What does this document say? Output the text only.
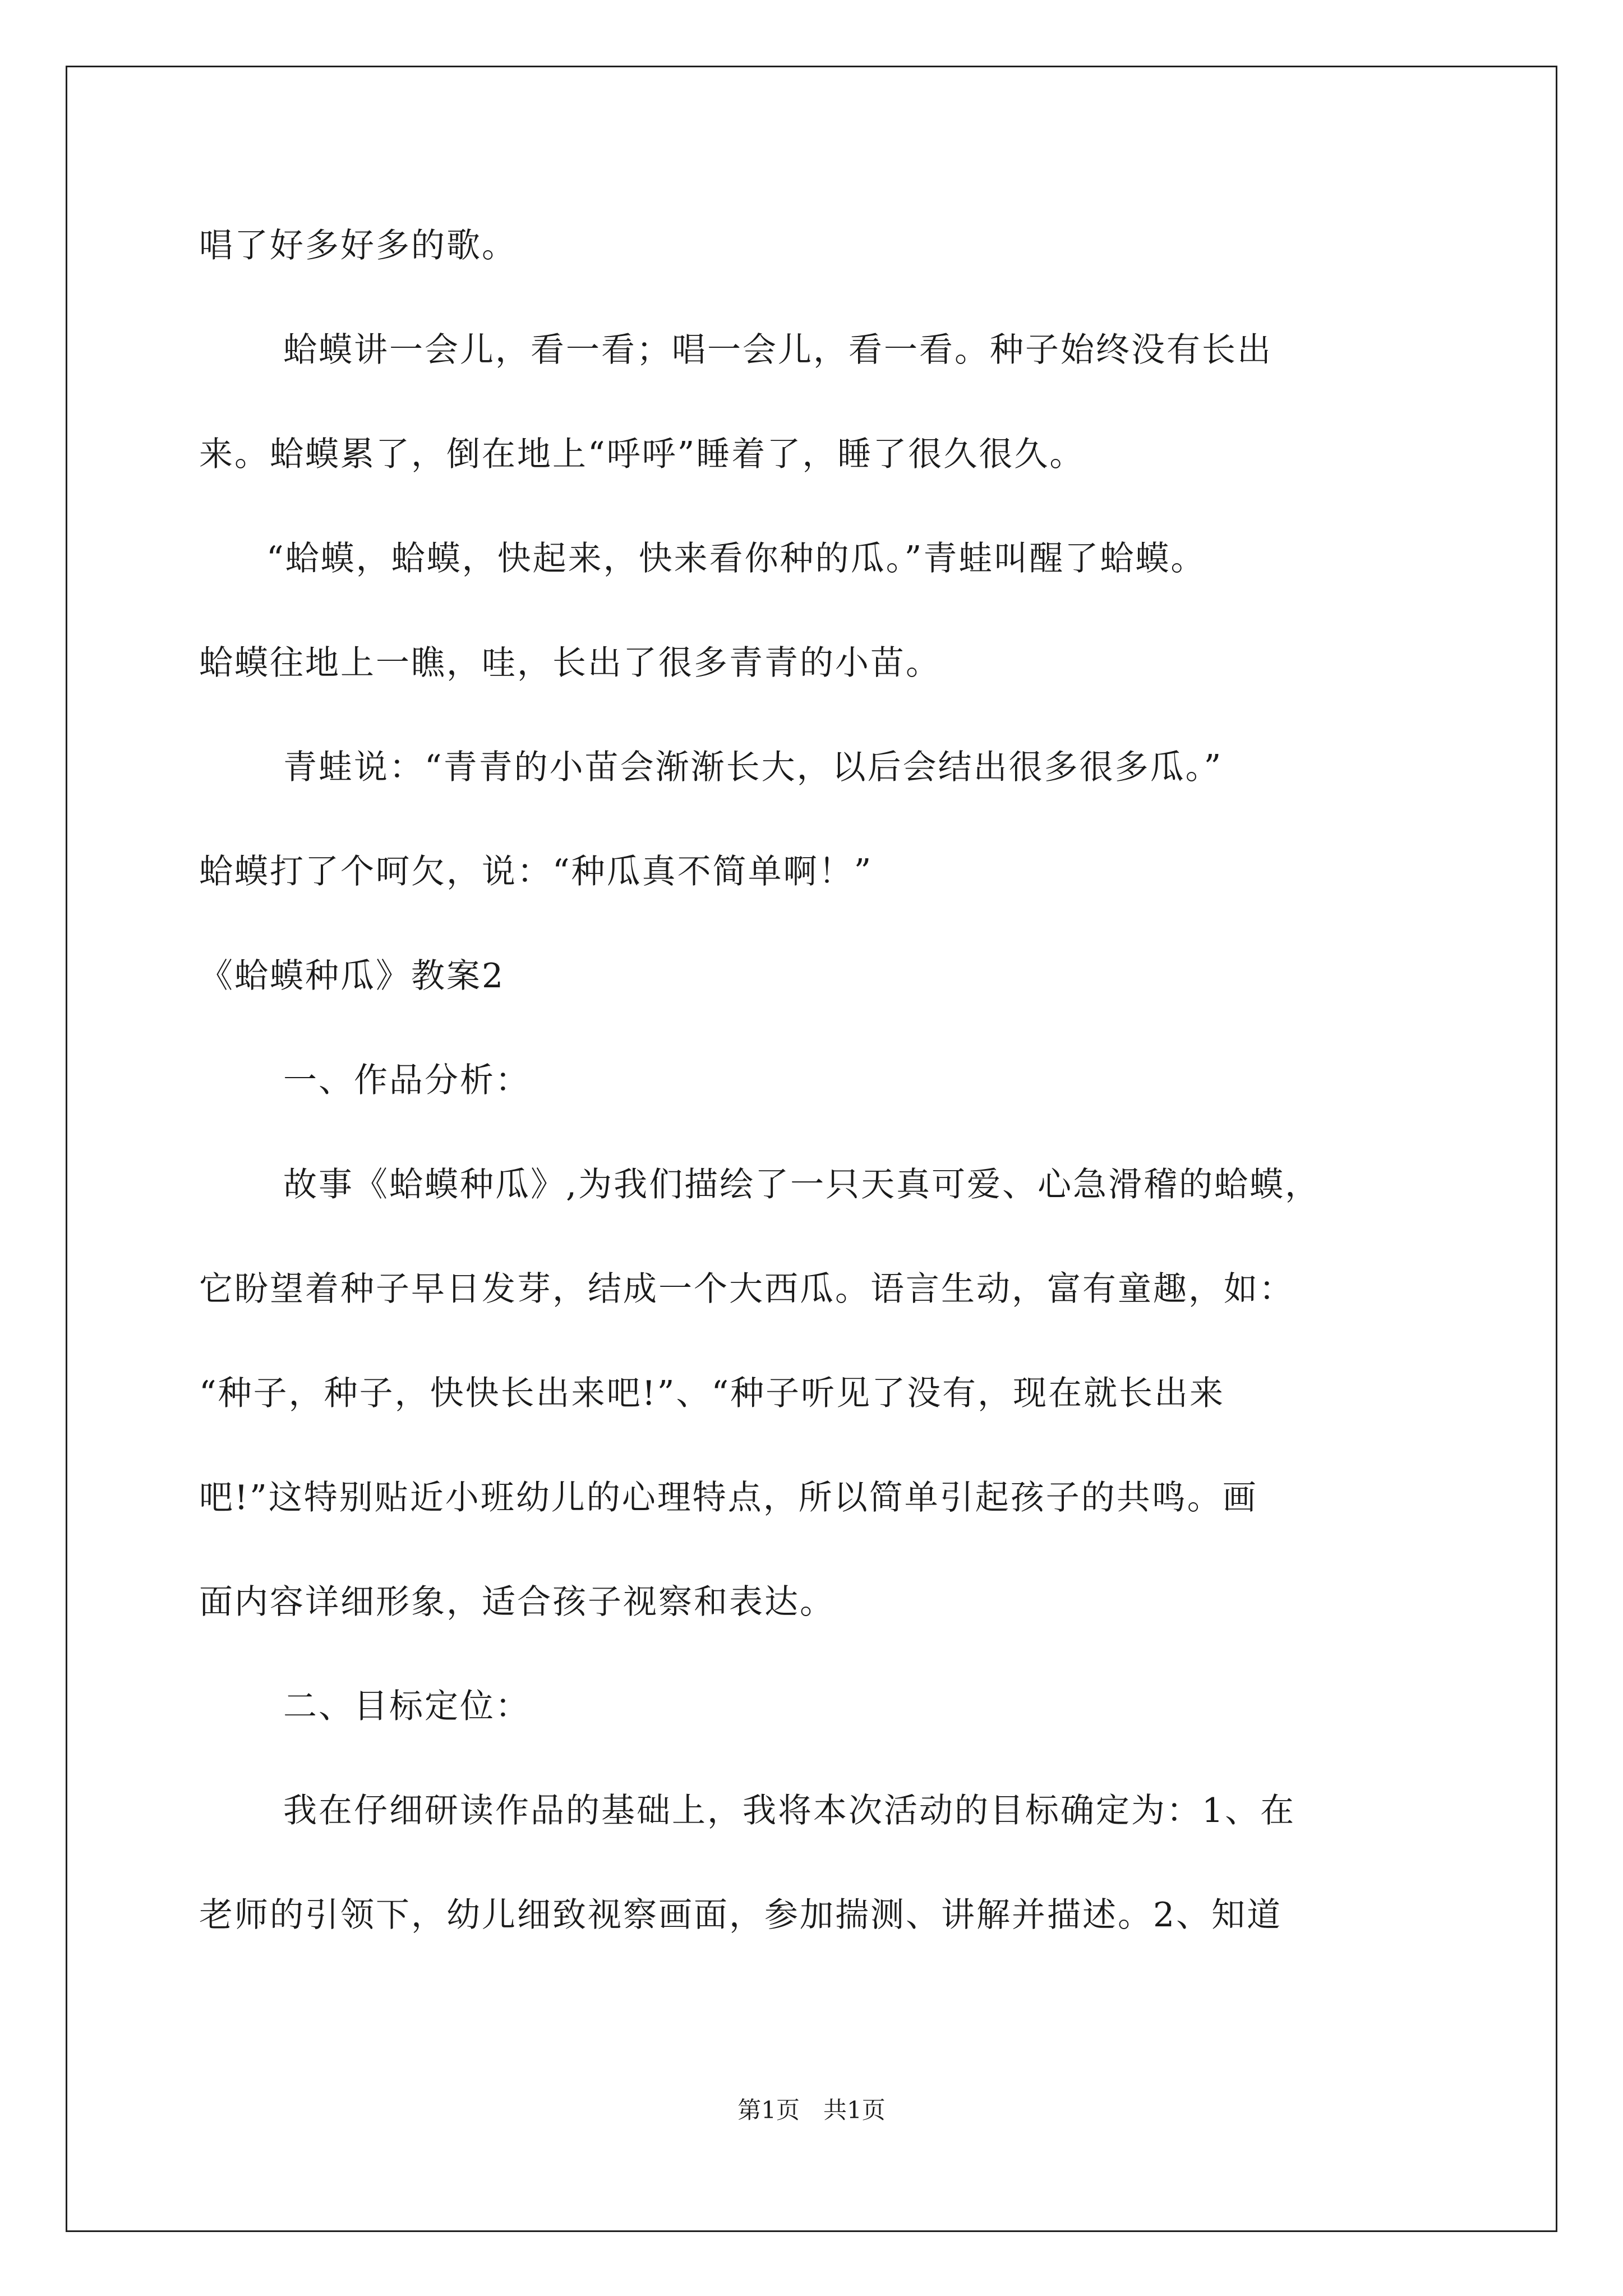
唱了好多好多的歌。
蛤蟆讲一会儿，看一看；唱一会儿，看一看。种子始终没有长出
来。蛤蟆累了，倒在地上“呼呼”睡着了，睡了很久很久。
“蛤蟆，蛤蟆，快起来，快来看你种的瓜。”青蛙叫醒了蛤蟆。
蛤蟆往地上一瞧，哇，长出了很多青青的小苗。
青蛙说：“青青的小苗会渐渐长大，以后会结出很多很多瓜。”
蛤蟆打了个呵欠，说：“种瓜真不简单啊！”
《蛤蟆种瓜》教案2
一、作品分析：
故事《蛤蟆种瓜》,为我们描绘了一只天真可爱、心急滑稽的蛤蟆，
它盼望着种子早日发芽，结成一个大西瓜。语言生动，富有童趣，如：
“种子，种子，快快长出来吧!”、“种子听见了没有，现在就长出来
吧!”这特别贴近小班幼儿的心理特点，所以简单引起孩子的共鸣。画
面内容详细形象，适合孩子视察和表达。
二、目标定位：
我在仔细研读作品的基础上，我将本次活动的目标确定为：1、在
老师的引领下，幼儿细致视察画面，参加揣测、讲解并描述。2、知道
第1页　共1页
